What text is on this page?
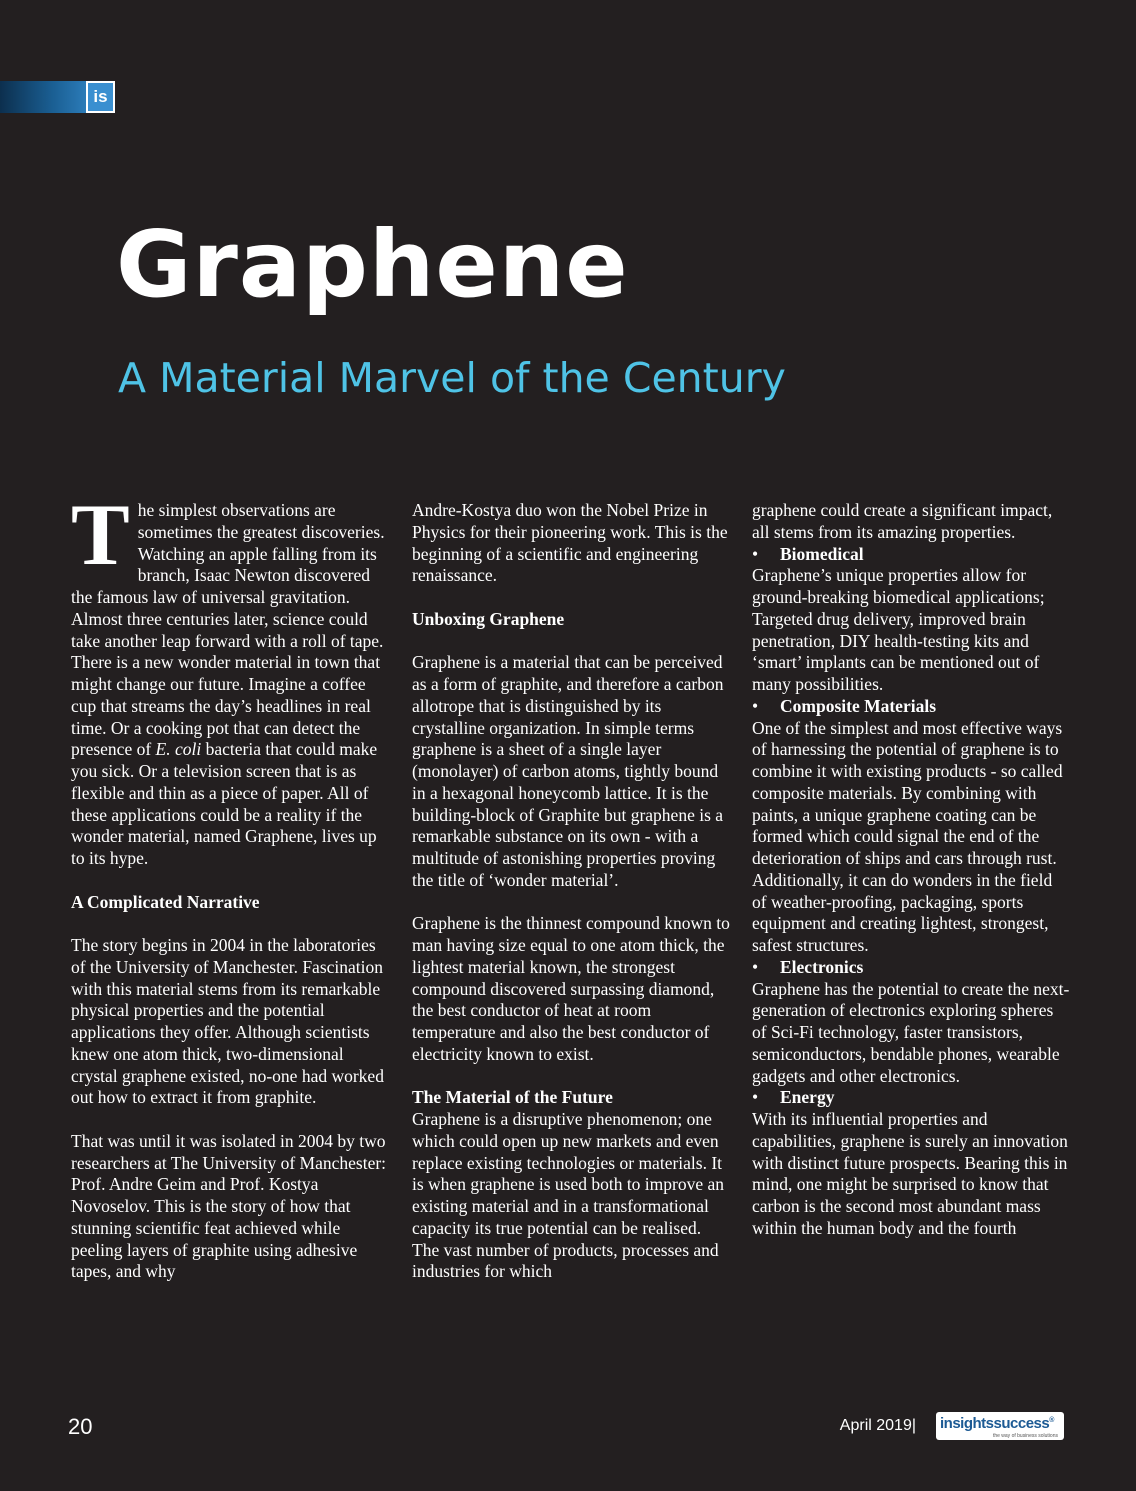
is
Graphene
A Material Marvel of the Century

The simplest observations are sometimes the greatest discoveries. Watching an apple falling from its branch, Isaac Newton discovered the famous law of universal gravitation. Almost three centuries later, science could take another leap forward with a roll of tape.

There is a new wonder material in town that might change our future. Imagine a coffee cup that streams the day’s headlines in real time. Or a cooking pot that can detect the presence of E. coli bacteria that could make you sick. Or a television screen that is as flexible and thin as a piece of paper. All of these applications could be a reality if the wonder material, named Graphene, lives up to its hype.

A Complicated Narrative

The story begins in 2004 in the laboratories of the University of Manchester. Fascination with this material stems from its remarkable physical properties and the potential applications they offer. Although scientists knew one atom thick, two-dimensional crystal graphene existed, no-one had worked out how to extract it from graphite.

That was until it was isolated in 2004 by two researchers at The University of Manchester: Prof. Andre Geim and Prof. Kostya Novoselov. This is the story of how that stunning scientific feat achieved while peeling layers of graphite using adhesive tapes, and why

Andre-Kostya duo won the Nobel Prize in Physics for their pioneering work. This is the beginning of a scientific and engineering renaissance.

Unboxing Graphene

Graphene is a material that can be perceived as a form of graphite, and therefore a carbon allotrope that is distinguished by its crystalline organization. In simple terms graphene is a sheet of a single layer (monolayer) of carbon atoms, tightly bound in a hexagonal honeycomb lattice. It is the building-block of Graphite but graphene is a remarkable substance on its own - with a multitude of astonishing properties proving the title of ‘wonder material’.

Graphene is the thinnest compound known to man having size equal to one atom thick, the lightest material known, the strongest compound discovered surpassing diamond, the best conductor of heat at room temperature and also the best conductor of electricity known to exist.

The Material of the Future

Graphene is a disruptive phenomenon; one which could open up new markets and even replace existing technologies or materials. It is when graphene is used both to improve an existing material and in a transformational capacity its true potential can be realised. The vast number of products, processes and industries for which

graphene could create a significant impact, all stems from its amazing properties.

•	Biomedical

Graphene’s unique properties allow for ground-breaking biomedical applications; Targeted drug delivery, improved brain penetration, DIY health-testing kits and ‘smart’ implants can be mentioned out of many possibilities.

•	Composite Materials

One of the simplest and most effective ways of harnessing the potential of graphene is to combine it with existing products - so called composite materials. By combining with paints, a unique graphene coating can be formed which could signal the end of the deterioration of ships and cars through rust. Additionally, it can do wonders in the field of weather-proofing, packaging, sports equipment and creating lightest, strongest, safest structures.

•	Electronics

Graphene has the potential to create the next-generation of electronics exploring spheres of Sci-Fi technology, faster transistors, semiconductors, bendable phones, wearable gadgets and other electronics.

•	Energy

With its influential properties and capabilities, graphene is surely an innovation with distinct future prospects. Bearing this in mind, one might be surprised to know that carbon is the second most abundant mass within the human body and the fourth

20	April 2019| insightssuccess®
the way of business solutions
